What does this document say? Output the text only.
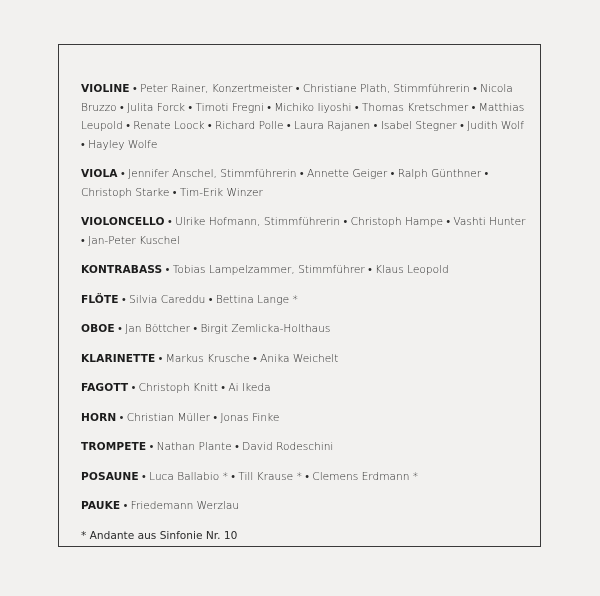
VIOLINE • Peter Rainer, Konzertmeister • Christiane Plath, Stimmführerin • Nicola Bruzzo • Julita Forck • Timoti Fregni • Michiko Iiyoshi • Thomas Kretschmer • Matthias Leupold • Renate Loock • Richard Polle • Laura Rajanen • Isabel Stegner • Judith Wolf • Hayley Wolfe
VIOLA • Jennifer Anschel, Stimmführerin • Annette Geiger • Ralph Günthner • Christoph Starke • Tim-Erik Winzer
VIOLONCELLO • Ulrike Hofmann, Stimmführerin • Christoph Hampe • Vashti Hunter • Jan-Peter Kuschel
KONTRABASS • Tobias Lampelzammer, Stimmführer • Klaus Leopold
FLÖTE • Silvia Careddu • Bettina Lange *
OBOE • Jan Böttcher • Birgit Zemlicka-Holthaus
KLARINETTE • Markus Krusche • Anika Weichelt
FAGOTT • Christoph Knitt • Ai Ikeda
HORN • Christian Müller • Jonas Finke
TROMPETE • Nathan Plante • David Rodeschini
POSAUNE • Luca Ballabio * • Till Krause * • Clemens Erdmann *
PAUKE • Friedemann Werzlau
* Andante aus Sinfonie Nr. 10
